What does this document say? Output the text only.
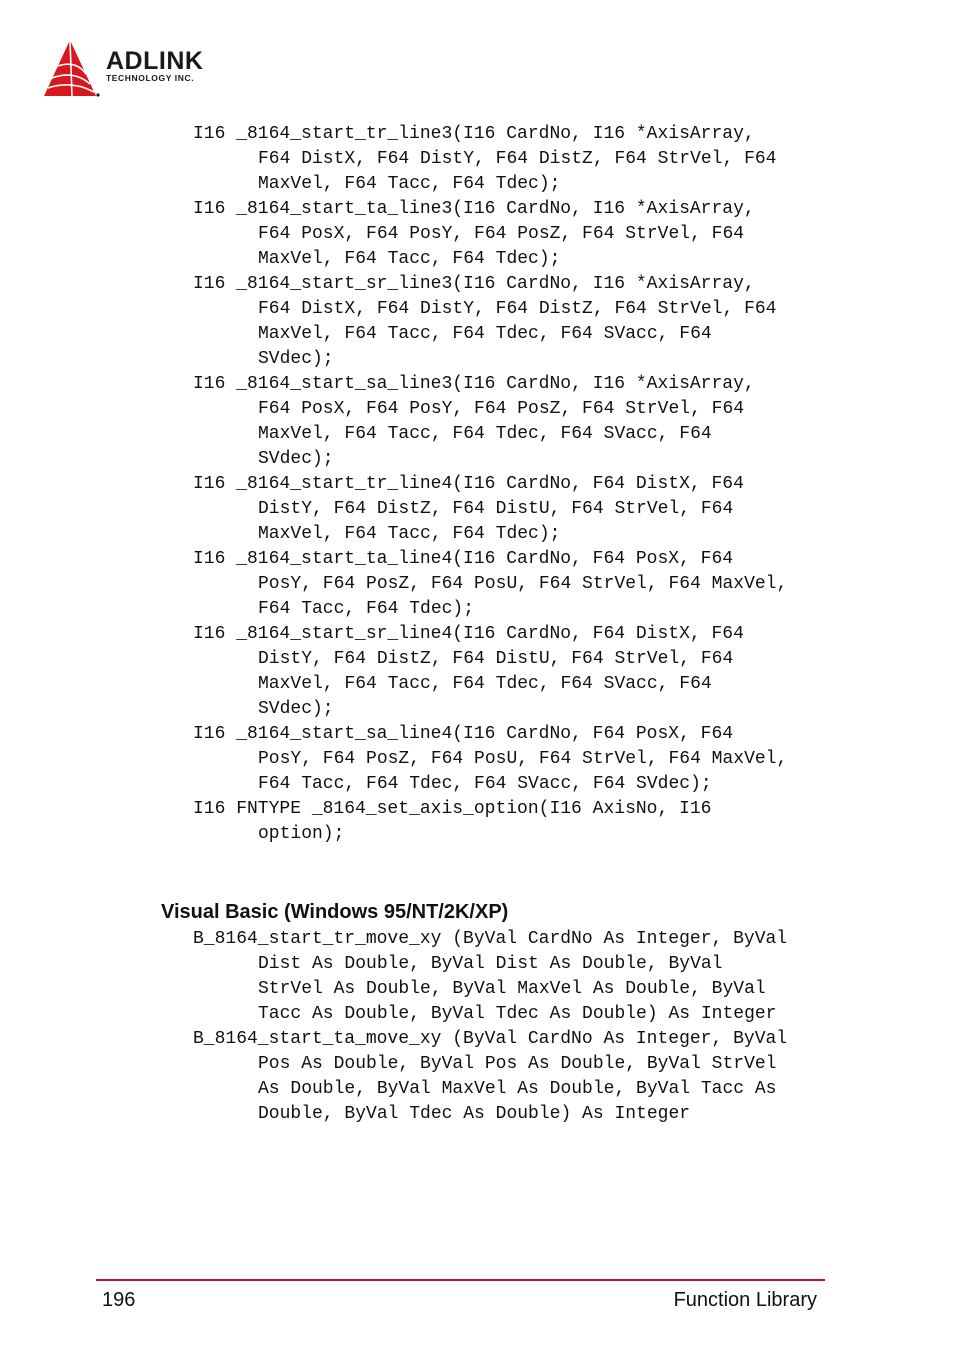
ADLINK
TECHNOLOGY INC.

I16 _8164_start_tr_line3(I16 CardNo, I16 *AxisArray, F64 DistX, F64 DistY, F64 DistZ, F64 StrVel, F64 MaxVel, F64 Tacc, F64 Tdec);

I16 _8164_start_ta_line3(I16 CardNo, I16 *AxisArray, F64 PosX, F64 PosY, F64 PosZ, F64 StrVel, F64 MaxVel, F64 Tacc, F64 Tdec);

I16 _8164_start_sr_line3(I16 CardNo, I16 *AxisArray, F64 DistX, F64 DistY, F64 DistZ, F64 StrVel, F64 MaxVel, F64 Tacc, F64 Tdec, F64 SVacc, F64 SVdec);

I16 _8164_start_sa_line3(I16 CardNo, I16 *AxisArray, F64 PosX, F64 PosY, F64 PosZ, F64 StrVel, F64 MaxVel, F64 Tacc, F64 Tdec, F64 SVacc, F64 SVdec);

I16 _8164_start_tr_line4(I16 CardNo, F64 DistX, F64 DistY, F64 DistZ, F64 DistU, F64 StrVel, F64 MaxVel, F64 Tacc, F64 Tdec);

I16 _8164_start_ta_line4(I16 CardNo, F64 PosX, F64 PosY, F64 PosZ, F64 PosU, F64 StrVel, F64 MaxVel, F64 Tacc, F64 Tdec);

I16 _8164_start_sr_line4(I16 CardNo, F64 DistX, F64 DistY, F64 DistZ, F64 DistU, F64 StrVel, F64 MaxVel, F64 Tacc, F64 Tdec, F64 SVacc, F64 SVdec);

I16 _8164_start_sa_line4(I16 CardNo, F64 PosX, F64 PosY, F64 PosZ, F64 PosU, F64 StrVel, F64 MaxVel, F64 Tacc, F64 Tdec, F64 SVacc, F64 SVdec);

I16 FNTYPE _8164_set_axis_option(I16 AxisNo, I16 option);

Visual Basic (Windows 95/NT/2K/XP)

B_8164_start_tr_move_xy (ByVal CardNo As Integer, ByVal Dist As Double, ByVal Dist As Double, ByVal StrVel As Double, ByVal MaxVel As Double, ByVal Tacc As Double, ByVal Tdec As Double) As Integer

B_8164_start_ta_move_xy (ByVal CardNo As Integer, ByVal Pos As Double, ByVal Pos As Double, ByVal StrVel As Double, ByVal MaxVel As Double, ByVal Tacc As Double, ByVal Tdec As Double) As Integer

196	Function Library
